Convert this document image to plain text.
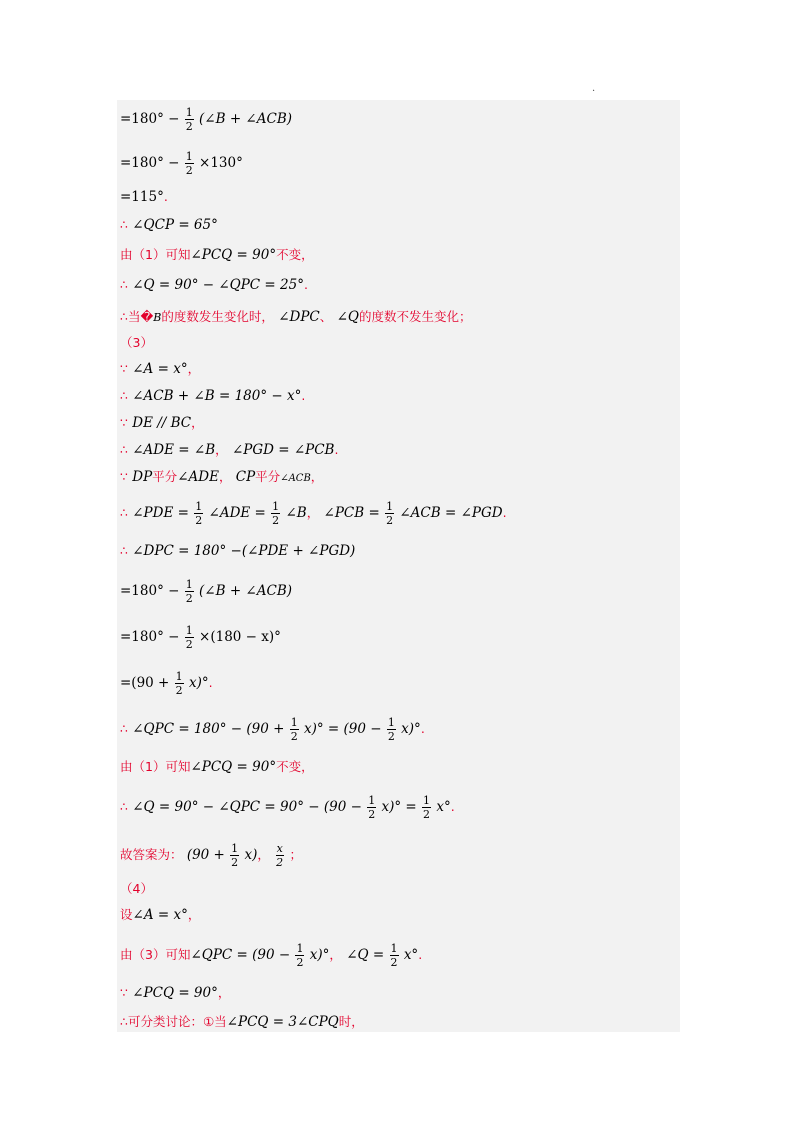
·
$=180^\circ - \frac{1}{2}$ (∠B + ∠ACB)
$=180^\circ - \frac{1}{2} \times 130^\circ$
=115°.
∴ ∠QCP = 65°
由（1）可知∠PCQ = 90°不变，
∴ ∠Q = 90° − ∠QPC = 25°.
∴当�B的度数发生变化时， ∠DPC、 ∠Q的度数不发生变化；
（3）
∵ ∠A = x°，
∴ ∠ACB + ∠B = 180° − x°.
∵ DE // BC，
∴ ∠ADE = ∠B， ∠PGD = ∠PCB.
∵ DP平分∠ADE， CP平分∠ACB，
∴ ∠PDE = $\frac{1}{2}$ ∠ADE = $\frac{1}{2}$ ∠B， ∠PCB = $\frac{1}{2}$ ∠ACB = ∠PGD.
∴ ∠DPC = 180° −(∠PDE + ∠PGD)
$=180^\circ - \frac{1}{2}$ (∠B + ∠ACB)
$=180^\circ - \frac{1}{2} \times(180 - x)^\circ$
$=(90 + \frac{1}{2} x)^\circ$.
∴ ∠QPC = $180^\circ - (90 + \frac{1}{2} x)^\circ = (90 - \frac{1}{2} x)^\circ$.
由（1）可知∠PCQ = 90°不变，
∴ ∠Q = 90° − ∠QPC = $90^\circ - (90 - \frac{1}{2} x)^\circ = \frac{1}{2} x^\circ$.
故答案为： $(90 + \frac{1}{2} x)$， $\frac{x}{2}$ ；
（4）
设∠A = x°，
由（3）可知∠QPC = $(90 - \frac{1}{2} x)^\circ$， ∠Q = $\frac{1}{2} x^\circ$.
∵ ∠PCQ = 90°，
∴可分类讨论：①当∠PCQ = 3∠CPQ时，
